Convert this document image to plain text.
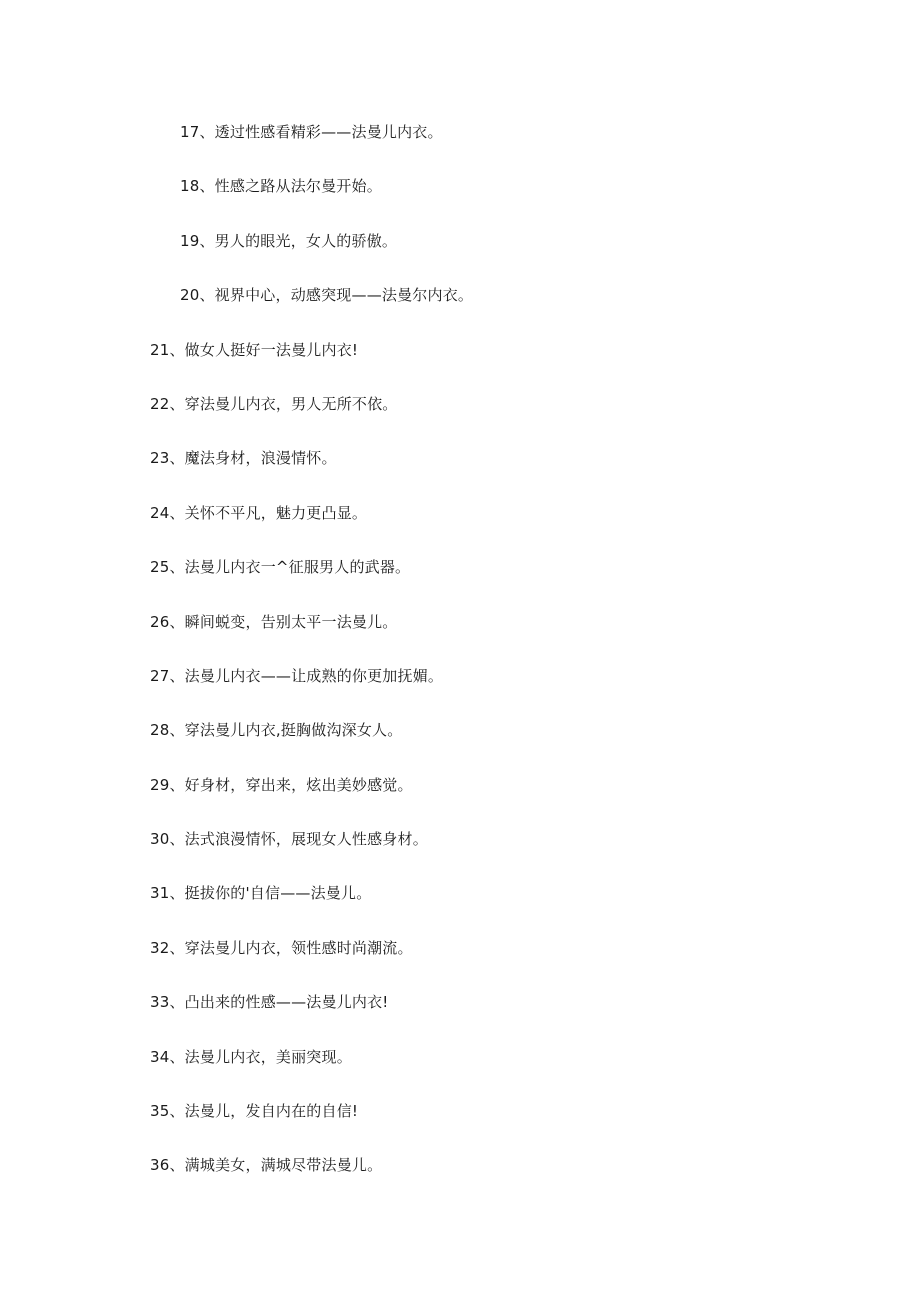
17、透过性感看精彩——法曼儿内衣。
18、性感之路从法尔曼开始。
19、男人的眼光，女人的骄傲。
20、视界中心，动感突现——法曼尔内衣。
21、做女人挺好一法曼儿内衣!
22、穿法曼儿内衣，男人无所不依。
23、魔法身材，浪漫情怀。
24、关怀不平凡，魅力更凸显。
25、法曼儿内衣一^征服男人的武器。
26、瞬间蜕变，告别太平一法曼儿。
27、法曼儿内衣——让成熟的你更加抚媚。
28、穿法曼儿内衣,挺胸做沟深女人。
29、好身材，穿出来，炫出美妙感觉。
30、法式浪漫情怀，展现女人性感身材。
31、挺拔你的'自信——法曼儿。
32、穿法曼儿内衣，领性感时尚潮流。
33、凸出来的性感——法曼儿内衣!
34、法曼儿内衣，美丽突现。
35、法曼儿，发自内在的自信!
36、满城美女，满城尽带法曼儿。
